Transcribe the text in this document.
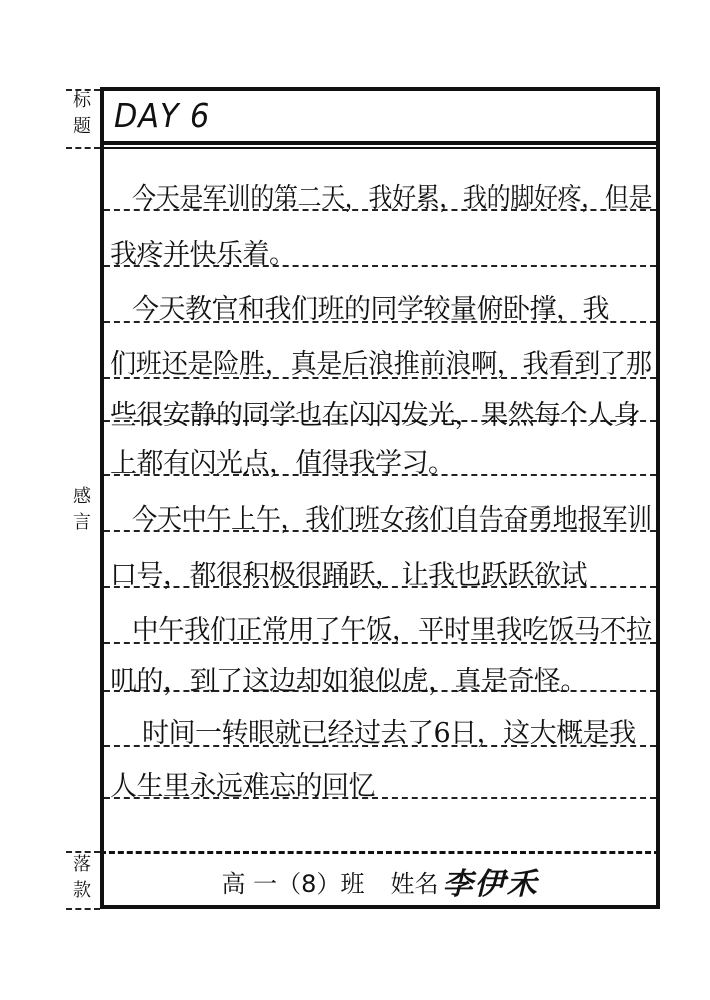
标
题
感
言
落
款
DAY 6
今天是军训的第二天，我好累，我的脚好疼，但是
我疼并快乐着。
今天教官和我们班的同学较量俯卧撑，我
们班还是险胜，真是后浪推前浪啊，我看到了那
些很安静的同学也在闪闪发光，果然每个人身
上都有闪光点，值得我学习。
今天中午上午，我们班女孩们自告奋勇地报军训
口号，都很积极很踊跃，让我也跃跃欲试
中午我们正常用了午饭，平时里我吃饭马不拉
叽的，到了这边却如狼似虎，真是奇怪。
时间一转眼就已经过去了6日，这大概是我
人生里永远难忘的回忆
高 一（8）班 姓名 李伊禾
